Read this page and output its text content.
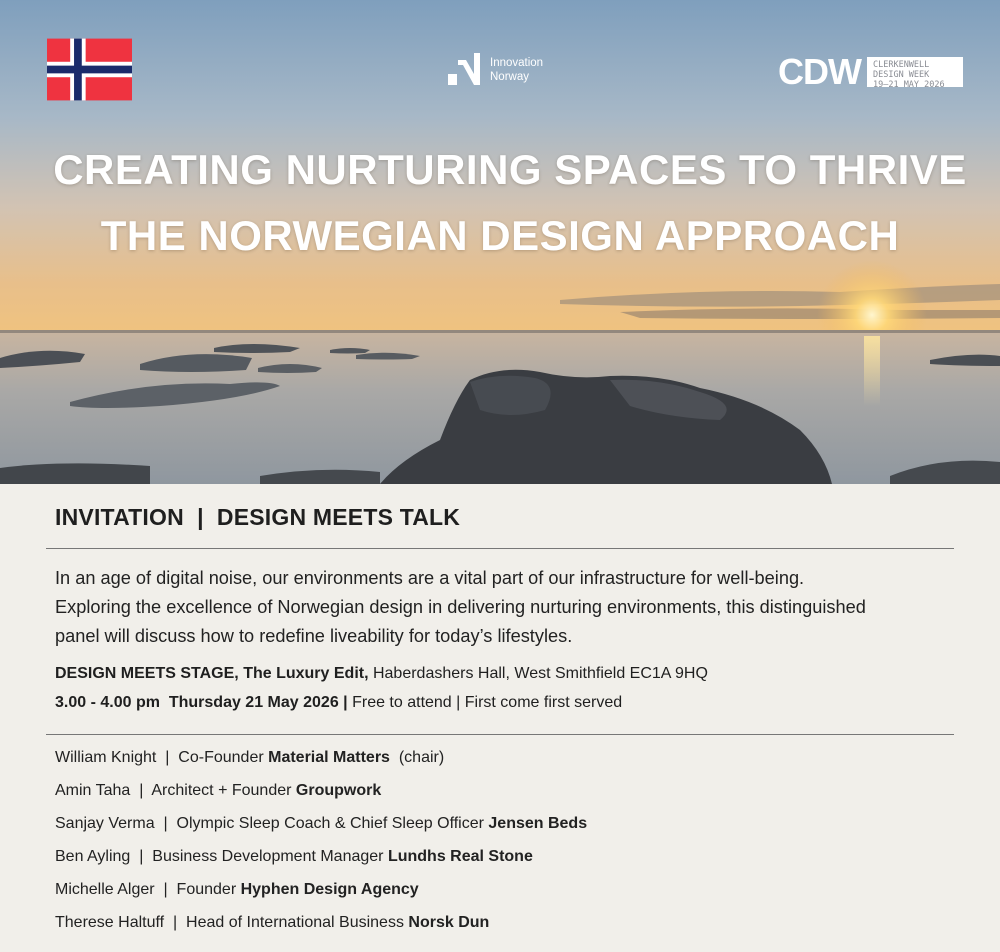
Innovation
Norway	CDW CLERKENWELL
DESIGN WEEK
19–21 MAY 2026
CREATING NURTURING SPACES TO THRIVE
THE NORWEGIAN DESIGN APPROACH
INVITATION  |  DESIGN MEETS TALK
In an age of digital noise, our environments are a vital part of our infrastructure for well-being.
Exploring the excellence of Norwegian design in delivering nurturing environments, this distinguished
panel will discuss how to redefine liveability for today’s lifestyles.
DESIGN MEETS STAGE, The Luxury Edit, Haberdashers Hall, West Smithfield EC1A 9HQ
3.00 - 4.00 pm Thursday 21 May 2026 | Free to attend | First come first served
William Knight  |  Co-Founder Material Matters  (chair)
Amin Taha  |  Architect + Founder Groupwork
Sanjay Verma  |  Olympic Sleep Coach & Chief Sleep Officer Jensen Beds
Ben Ayling  |  Business Development Manager Lundhs Real Stone
Michelle Alger  |  Founder Hyphen Design Agency
Therese Haltuff  |  Head of International Business Norsk Dun
